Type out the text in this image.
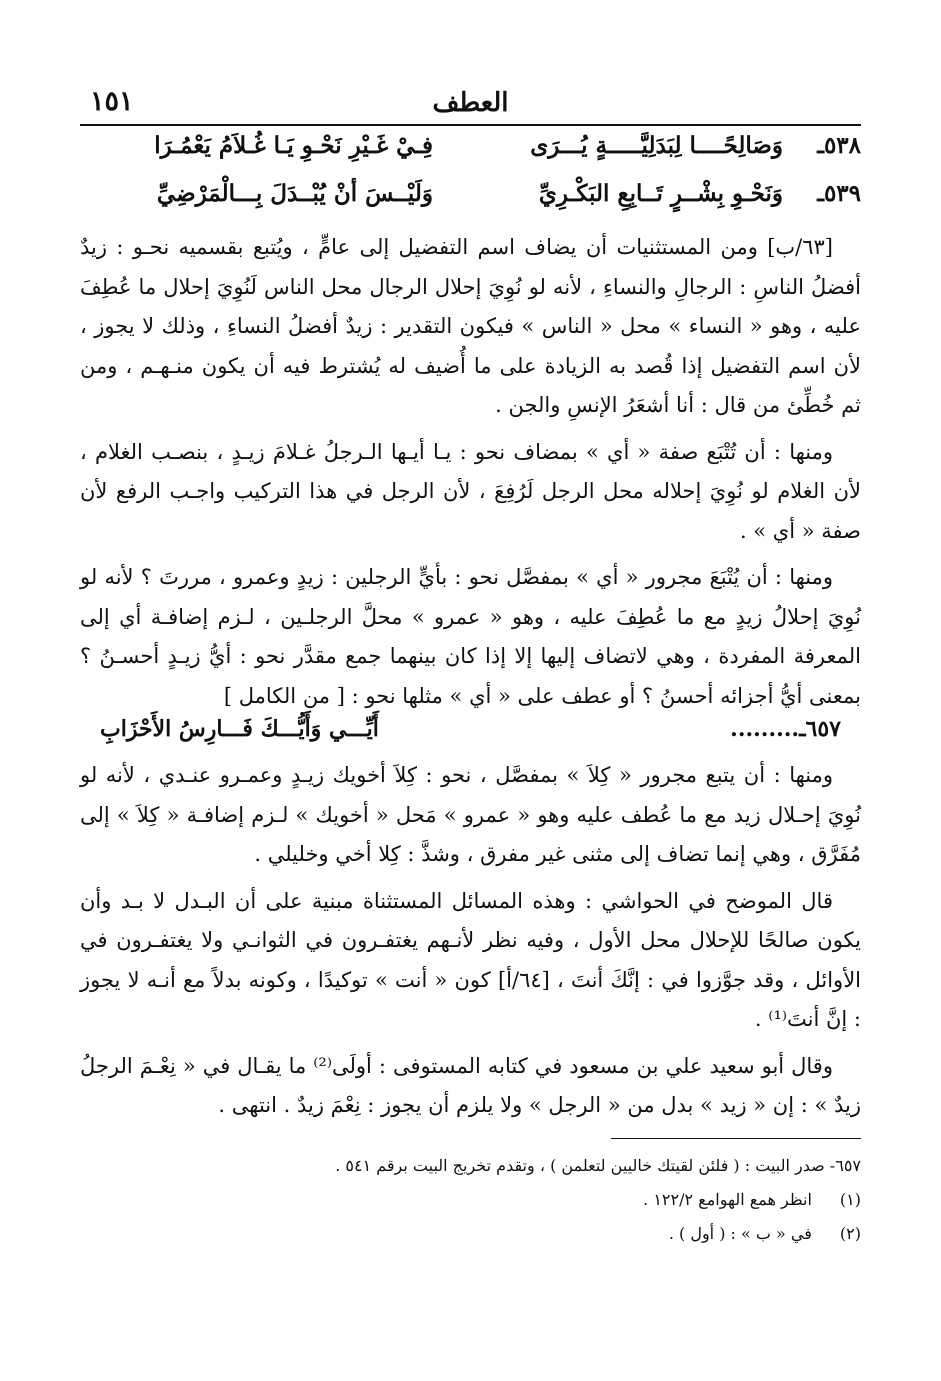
العطف
١٥١
٥٣٨ـ
وَصَالِحًــــا لِبَدَلِيَّـــــةٍ يُـــرَى
فِـيْ غَـيْرِ نَحْـوِ يَـا غُـلاَمُ يَعْمُـرَا
٥٣٩ـ
وَنَحْـوِ بِشْــرٍ تَــابِعِ البَكْـرِيِّ
وَلَيْــسَ أنْ يُبْــدَلَ بِـــالْمَرْضِيِّ

[٦٣/ب] ومن المستثنيات أن يضاف اسم التفضيل إلى عامٍّ ، ويُتبع بقسميه نحـو : زيدٌ أفضلُ الناسِ : الرجالِ والنساءِ ، لأنه لو نُوِيَ إحلال الرجال محل الناس لَنُوِيَ إحلال ما عُطِفَ عليه ، وهو « النساء » محل « الناس » فيكون التقدير : زيدٌ أفضلُ النساءِ ، وذلك لا يجوز ، لأن اسم التفضيل إذا قُصد به الزيادة على ما أُضيف له يُشترط فيه أن يكون منـهـم ، ومن ثم خُطِّئ من قال : أنا أشعَرُ الإنسِ والجن .

ومنها : أن تُتْبَع صفة « أي » بمضاف نحو : يـا أيـها الـرجلُ غـلامَ زيـدٍ ، بنصـب الغلام ، لأن الغلام لو نُوِيَ إحلاله محل الرجل لَرُفِعَ ، لأن الرجل في هذا التركيب واجـب الرفع لأن صفة « أي » .

ومنها : أن يُتْبَعَ مجرور « أي » بمفصَّل نحو : بأيٍّ الرجلين : زيدٍ وعمرو ، مررتَ ؟ لأنه لو نُوِيَ إحلالُ زيدٍ مع ما عُطِفَ عليه ، وهو « عمرو » محلَّ الرجلـين ، لـزم إضافـة أي إلى المعرفة المفردة ، وهي لاتضاف إليها إلا إذا كان بينهما جمع مقدَّر نحو : أيُّ زيـدٍ أحسـنُ ؟ بمعنى أيُّ أجزائه أحسنُ ؟ أو عطف على « أي » مثلها نحو : [ من الكامل ]

٦٥٧ـ.........
أَيِّـــي وَأَيُّـــكَ فَـــارِسُ الأَحْزَابِ

ومنها : أن يتبع مجرور « كِلاَ » بمفصَّل ، نحو : كِلاَ أخويك زيـدٍ وعمـرو عنـدي ، لأنه لو نُوِيَ إحـلال زيد مع ما عُطف عليه وهو « عمرو » مَحل « أخويك » لـزم إضافـة « كِلاَ » إلى مُفَرَّق ، وهي إنما تضاف إلى مثنى غير مفرق ، وشذَّ : كِلا أخي وخليلي .

قال الموضح في الحواشي : وهذه المسائل المستثناة مبنية على أن البـدل لا بـد وأن يكون صالحًا للإحلال محل الأول ، وفيه نظر لأنـهم يغتفـرون في الثوانـي ولا يغتفـرون في الأوائل ، وقد جوَّزوا في : إنَّكَ أنتَ ، [٦٤/أ] كون « أنت » توكيدًا ، وكونه بدلاً مع أنـه لا يجوز : إنَّ أنتَ⁽¹⁾ .

وقال أبو سعيد علي بن مسعود في كتابه المستوفى : أولَى⁽²⁾ ما يقـال في « نِعْـمَ الرجلُ زيدٌ » : إن « زيد » بدل من « الرجل » ولا يلزم أن يجوز : نِعْمَ زيدٌ . انتهى .

٦٥٧- صدر البيت : ( فلئن لقيتك خاليين لتعلمن ) ، وتقدم تخريج البيت برقم ٥٤١ .

(١) انظر همع الهوامع ١٢٢/٢ .

(٢) في « ب » : ( أول ) .
